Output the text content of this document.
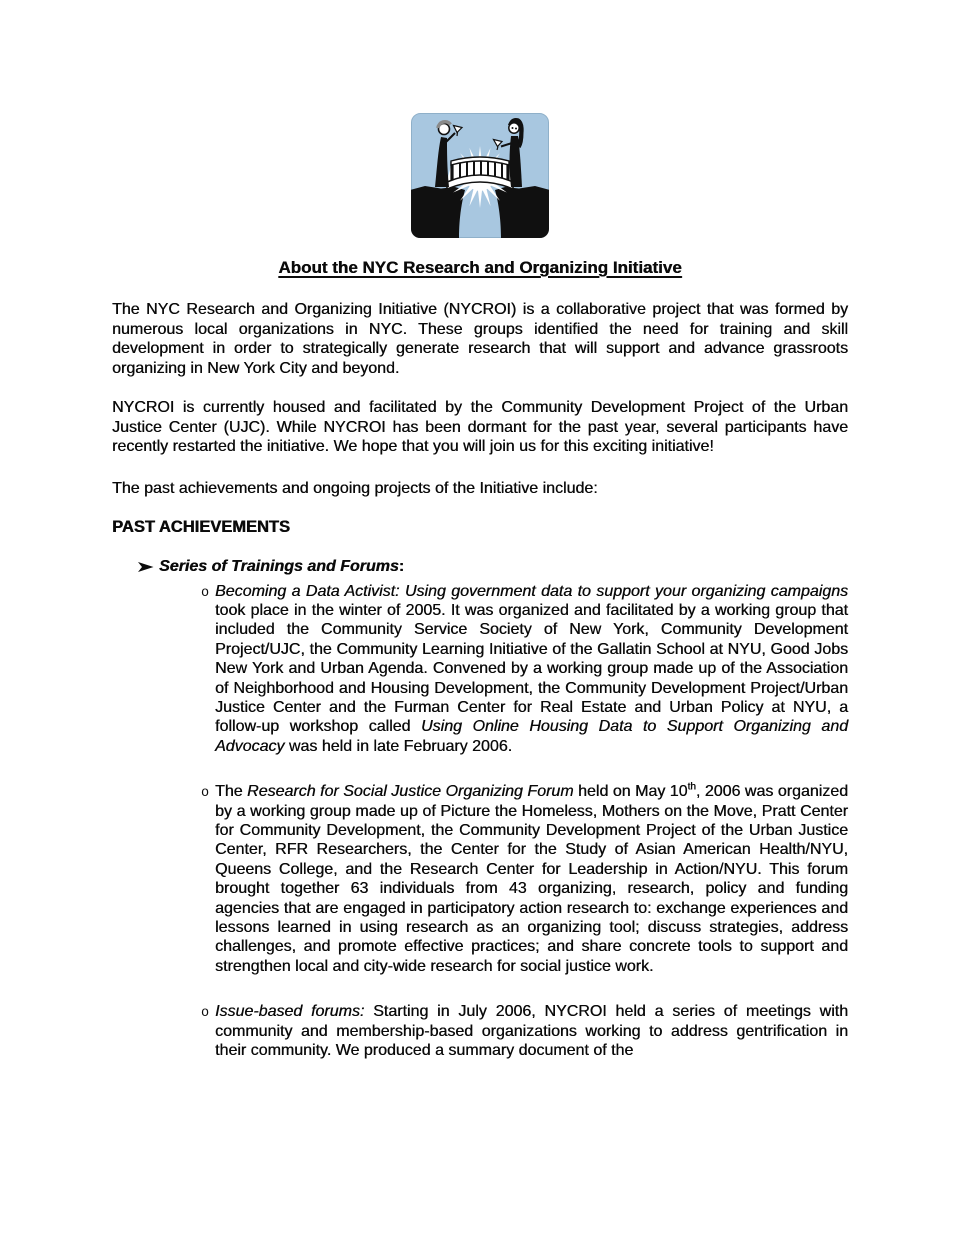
About the NYC Research and Organizing Initiative

The NYC Research and Organizing Initiative (NYCROI) is a collaborative project that was formed by numerous local organizations in NYC. These groups identified the need for training and skill development in order to strategically generate research that will support and advance grassroots organizing in New York City and beyond.

NYCROI is currently housed and facilitated by the Community Development Project of the Urban Justice Center (UJC). While NYCROI has been dormant for the past year, several participants have recently restarted the initiative. We hope that you will join us for this exciting initiative!

The past achievements and ongoing projects of the Initiative include:

PAST ACHIEVEMENTS
Series of Trainings and Forums:
o Becoming a Data Activist: Using government data to support your organizing campaigns took place in the winter of 2005. It was organized and facilitated by a working group that included the Community Service Society of New York, Community Development Project/UJC, the Community Learning Initiative of the Gallatin School at NYU, Good Jobs New York and Urban Agenda. Convened by a working group made up of the Association of Neighborhood and Housing Development, the Community Development Project/Urban Justice Center and the Furman Center for Real Estate and Urban Policy at NYU, a follow-up workshop called Using Online Housing Data to Support Organizing and Advocacy was held in late February 2006.
o The Research for Social Justice Organizing Forum held on May 10th, 2006 was organized by a working group made up of Picture the Homeless, Mothers on the Move, Pratt Center for Community Development, the Community Development Project of the Urban Justice Center, RFR Researchers, the Center for the Study of Asian American Health/NYU, Queens College, and the Research Center for Leadership in Action/NYU. This forum brought together 63 individuals from 43 organizing, research, policy and funding agencies that are engaged in participatory action research to: exchange experiences and lessons learned in using research as an organizing tool; discuss strategies, address challenges, and promote effective practices; and share concrete tools to support and strengthen local and city-wide research for social justice work.
o Issue-based forums: Starting in July 2006, NYCROI held a series of meetings with community and membership-based organizations working to address gentrification in their community. We produced a summary document of the
